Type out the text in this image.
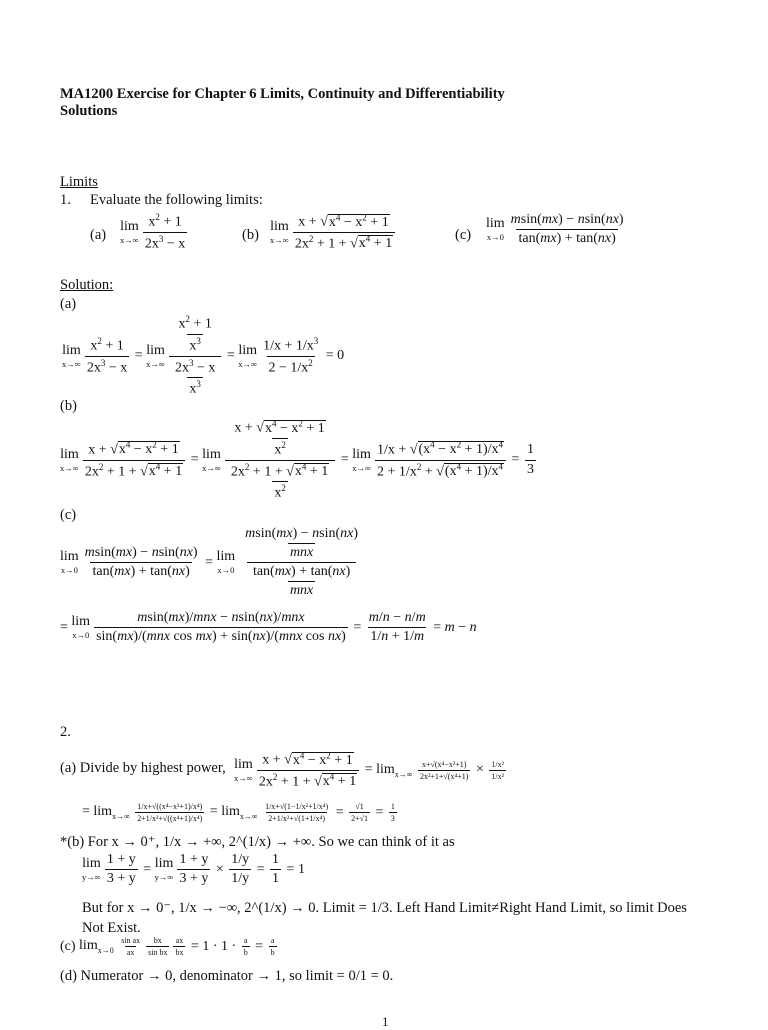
MA1200 Exercise for Chapter 6 Limits, Continuity and Differentiability
Solutions
Limits
1. Evaluate the following limits:
(a)
lim
$x\to\infty \frac{x^2 + 1}{2x^3 - x}$	(b)
lim
$x\to\infty \frac{x + √x^4 - x^2 + 1}{2x^2 + 1 + √x^4 + 1}$	(c)
lim
$x\to 0 \frac{msin(mx) - nsin(nx)}{\tan(mx) + \tan(nx)}$
Solution:
(a)
lim
$x\to\infty \frac{x^2 + 1}{2x^3 - x} = \lim$
$x\to\infty \frac{\frac{x^2 + 1}{x^3}}{\frac{2x^3 - x}{x^3}} = \lim$
$x\to\infty \frac{1/x + 1/x^3}{2 - 1/x^2} = 0$
(b)
lim
$x\to\infty \frac{x + √x^4 - x^2 + 1}{2x^2 + 1 + √x^4 + 1} = \lim$
$x\to\infty \frac{\frac{x + √x^4 - x^2 + 1}{x^2}}{\frac{2x^2 + 1 + √x^4 + 1}{x^2}} = \lim$
$x\to\infty \frac{1/x + √(x^4 - x^2 + 1)/x^4}{2 + 1/x^2 + √(x^4 + 1)/x^4} = \frac{1}{3}$
(c)
lim
$x\to 0 \frac{msin(mx) - nsin(nx)}{\tan(mx) + \tan(nx)} = \lim$
$x\to 0 \frac{\frac{msin(mx) - nsin(nx)}{\text{mnx}}}{\frac{\tan(mx) + \tan(nx)}{\text{mnx}}}$
= lim
$x\to 0 \frac{\text{msin(mx)/mnx − nsin(nx)/mnx}}{\text{sin(mx)/(mnx cos mx) + sin(nx)/(mnx cos nx)}} = \frac{m/n - n/m}{1/n + 1/m} = m - n$
2.
(a) Divide by highest power, lim
$x\to\infty \frac{x + √x^4 - x^2 + 1}{2x^2 + 1 + √x^4 + 1} = \lim_{x\to\infty} \frac{\text{x+√(x⁴−x²+1)}}{\text{2x²+1+√(x⁴+1)}} \times \frac{\text{1/x²}}{\text{1/x²}}$
= $\lim_{x\to\infty} \frac{\text{1/x+√((x⁴−x²+1)/x⁴)}}{\text{2+1/x²+√((x⁴+1)/x⁴)}} = \lim_{x\to\infty} \frac{\text{1/x+√(1−1/x²+1/x⁴)}}{\text{2+1/x²+√(1+1/x⁴)}} = \frac{√1}{2+√1} = \frac{1}{3}$
*(b) For x → 0⁺, 1/x → +∞, 2^(1/x) → +∞. So we can think of it as
lim
$y\to\infty \frac{1 + y}{3 + y} = \lim$
$y\to\infty \frac{1 + y}{3 + y} \times \frac{1/y}{1/y} = \frac{1}{1} = 1$
But for x → 0⁻, 1/x → −∞, 2^(1/x) → 0. Limit = 1/3. Left Hand Limit≠Right Hand Limit, so limit Does
Not Exist.
(c) $\lim_{x\to 0} \frac{\text{sin ax}}{ax} \frac{bx}{\text{sin bx}} \frac{ax}{bx} = 1 \cdot 1 \cdot \frac{a}{b} = \frac{a}{b}$
(d) Numerator → 0, denominator → 1, so limit = 0/1 = 0.
1
